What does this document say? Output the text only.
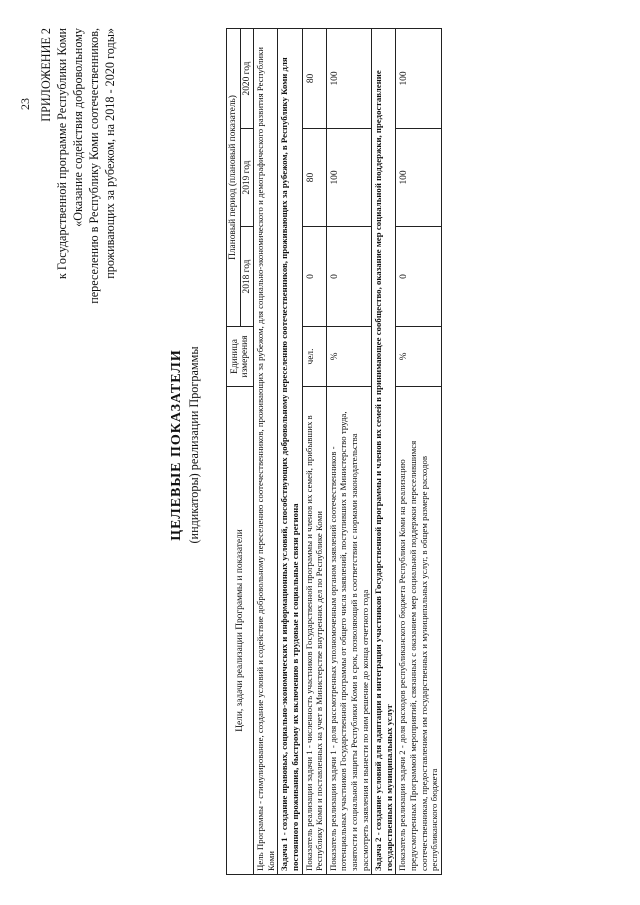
23 ПРИЛОЖЕНИЕ 2 к Государственной программе Республики Коми «Оказание содействия добровольному переселению в Республику Коми соотечественников, проживающих за рубежом, на 2018 - 2020 годы»
ЦЕЛЕВЫЕ ПОКАЗАТЕЛИ (индикаторы) реализации Программы
Цели, задачи реализации Программы и показатели	Единица измерения	Плановый период (плановый показатель)		
		2018 год	2019 год	2020 год
Цель Программы - стимулирование, создание условий и содействие добровольному переселению соотечественников, проживающих за рубежом, для социально-экономического и демографического развития Республики Коми				
Задача 1 - создание правовых, социально-экономических и информационных условий, способствующих добровольному переселению соотечественников, проживающих за рубежом, в Республику Коми для постоянного проживания, быстрому их включению в трудовые и социальные связи региона				
Показатель реализации задачи 1 - численность участников Государственной программы и членов их семей, прибывших в Республику Коми и поставленных на учет в Министерстве внутренних дел по Республике Коми	чел.	0	80	80
Показатель реализации задачи 1 - доля рассмотренных уполномоченным органом заявлений соотечественников - потенциальных участников Государственной программы от общего числа заявлений, поступивших в Министерство труда, занятости и социальной защиты Республики Коми в срок, позволяющий в соответствии с нормами законодательства рассмотреть заявления и вынести по ним решение до конца отчетного года	%	0	100	100
Задача 2 - создание условий для адаптации и интеграции участников Государственной программы и членов их семей в принимающее сообщество, оказание мер социальной поддержки, предоставление государственных и муниципальных услуг				
Показатель реализации задачи 2 - доля расходов республиканского бюджета Республики Коми на реализацию предусмотренных Программой мероприятий, связанных с оказанием мер социальной поддержки переселившимся соотечественникам, предоставлением им государственных и муниципальных услуг, в общем размере расходов республиканского бюджета	%	0	100	100
